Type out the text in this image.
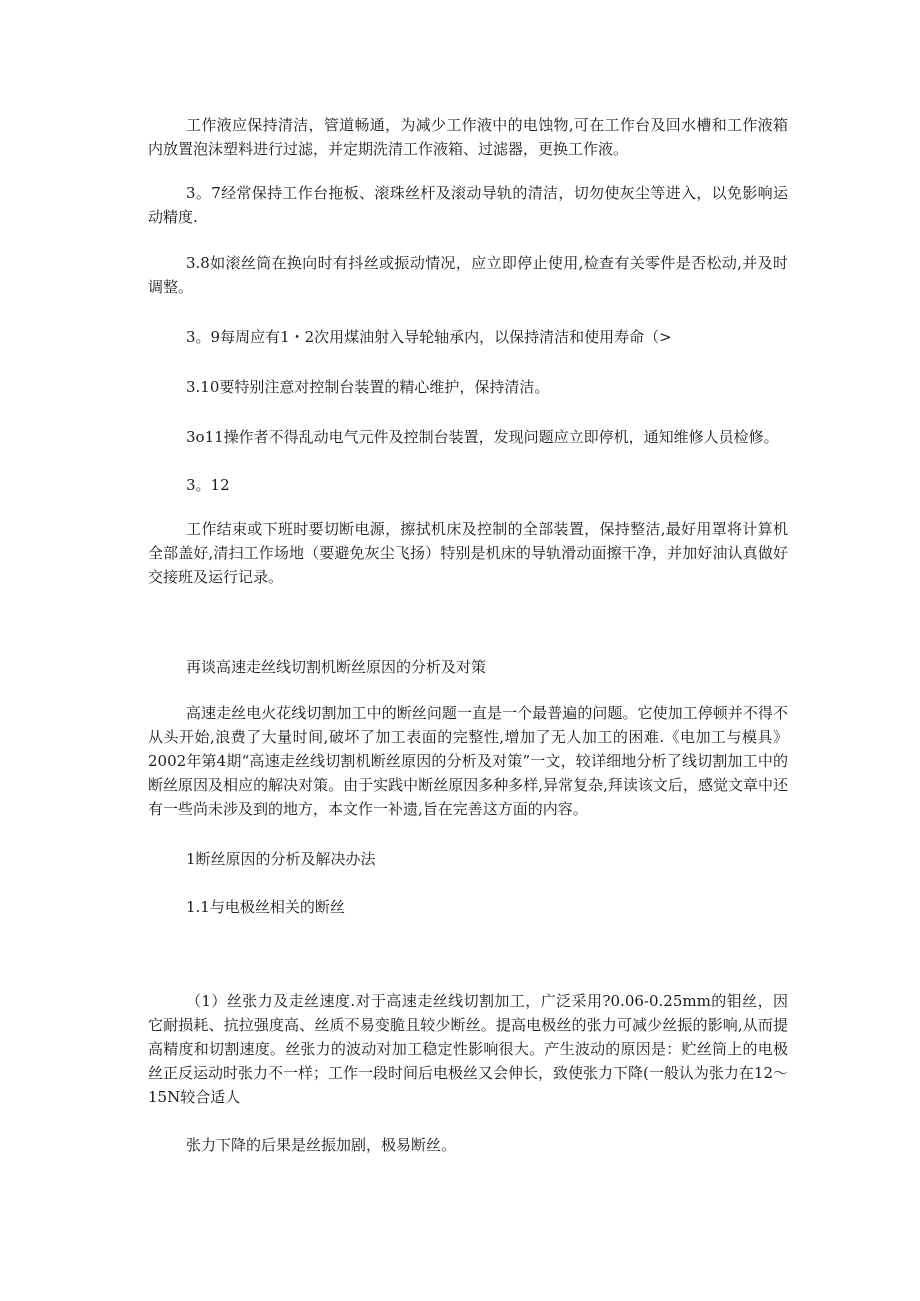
工作液应保持清洁，管道畅通，为减少工作液中的电蚀物,可在工作台及回水槽和工作液箱内放置泡沫塑料进行过滤，并定期洗清工作液箱、过滤器，更换工作液。

3。7经常保持工作台拖板、滚珠丝杆及滚动导轨的清洁，切勿使灰尘等进入，以免影响运动精度.

3.8如滚丝筒在换向时有抖丝或振动情况，应立即停止使用,检查有关零件是否松动,并及时调整。

3。9每周应有1・2次用煤油射入导轮轴承内，以保持清洁和使用寿命（>

3.10要特别注意对控制台装置的精心维护，保持清洁。

3o11操作者不得乱动电气元件及控制台装置，发现问题应立即停机，通知维修人员检修。

3。12

工作结束或下班时要切断电源，擦拭机床及控制的全部装置，保持整洁,最好用罩将计算机全部盖好,清扫工作场地（要避免灰尘飞扬）特别是机床的导轨滑动面擦干净，并加好油认真做好交接班及运行记录。

再谈高速走丝线切割机断丝原因的分析及对策

高速走丝电火花线切割加工中的断丝问题一直是一个最普遍的问题。它使加工停顿并不得不从头开始,浪费了大量时间,破坏了加工表面的完整性,增加了无人加工的困难.《电加工与模具》2002年第4期“高速走丝线切割机断丝原因的分析及对策”一文，较详细地分析了线切割加工中的断丝原因及相应的解决对策。由于实践中断丝原因多种多样,异常复杂,拜读该文后，感觉文章中还有一些尚未涉及到的地方，本文作一补遗,旨在完善这方面的内容。

1断丝原因的分析及解决办法

1.1与电极丝相关的断丝

（1）丝张力及走丝速度.对于高速走丝线切割加工，广泛采用?0.06-0.25mm的钼丝，因它耐损耗、抗拉强度高、丝质不易变脆且较少断丝。提高电极丝的张力可减少丝振的影响,从而提高精度和切割速度。丝张力的波动对加工稳定性影响很大。产生波动的原因是：贮丝筒上的电极丝正反运动时张力不一样；工作一段时间后电极丝又会伸长，致使张力下降(一般认为张力在12〜15N较合适人

张力下降的后果是丝振加剧，极易断丝。
